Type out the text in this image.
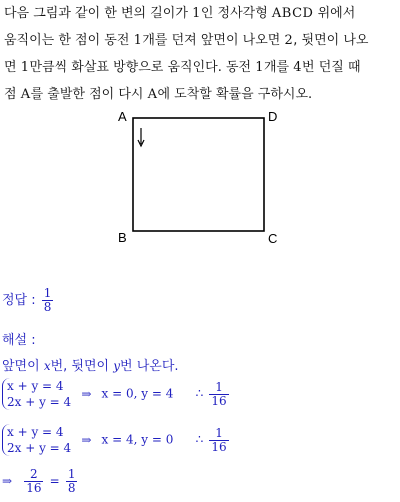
다음 그림과 같이 한 변의 길이가 1인 정사각형 ABCD 위에서

움직이는 한 점이 동전 1개를 던져 앞면이 나오면 2, 뒷면이 나오

면 1만큼씩 화살표 방향으로 움직인다. 동전 1개를 4번 던질 때

점 A를 출발한 점이 다시 A에 도착할 확률을 구하시오.

A	D
B	C
정답 : $\frac{1}{8}$
해설 :
앞면이 x번, 뒷면이 y번 나온다.
x + y = 4
2x + y = 4
⇒ x = 0, y = 4 ∴ $\frac{1}{16}$
x + y = 4
2x + y = 4
⇒ x = 4, y = 0 ∴ $\frac{1}{16}$
⇒ $\frac{2}{16} = \frac{1}{8}$
